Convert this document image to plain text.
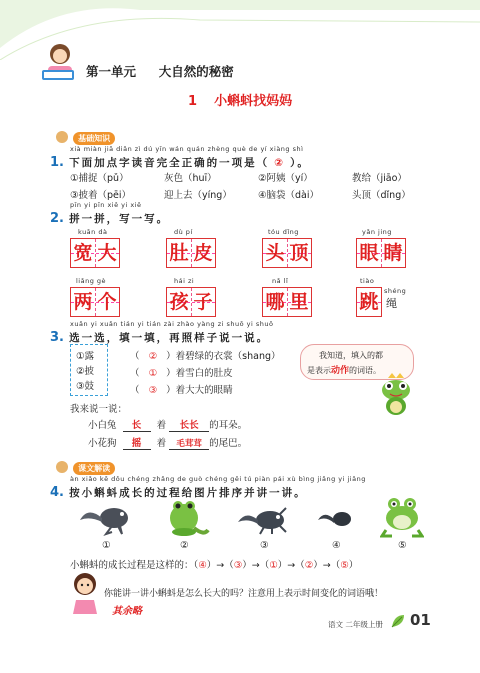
第一单元 大自然的秘密
1 小蝌蚪找妈妈
基础知识
xià miàn jiā diǎn zì dú yīn wán quán zhèng què de yí xiàng shì
1. 下面加点字读音完全正确的一项是（ ② ）。
①捕捉（pǔ）	灰色（huī）	②阿姨（yí）	教给（jiāo）
③披着（pēi）	迎上去（yíng）	④脑袋（dài）	头顶（dǐng）
pīn yi pīn xiě yi xiě
2. 拼一拼，写一写。
kuān dà
宽 大
dù pí
肚 皮
tóu dǐng
头 顶
yǎn jing
眼 睛
liǎng gè
两 个
hái zi
孩 子
nǎ lǐ
哪 里
tiào
跳 shéng
绳
xuǎn yi xuǎn tián yi tián zài zhào yàng zi shuō yi shuō
3. 选一选，填一填，再照样子说一说。
①露
②披
③鼓
（   ②   ）着碧绿的衣裳（shang）
（   ①   ）着雪白的肚皮
（   ③   ）着大大的眼睛
我知道，填入的都
是表示动作的词语。
我来说一说：
小白兔 长 着 长长 的耳朵。
小花狗 摇 着 毛茸茸 的尾巴。
课文解读
àn xiǎo kē dǒu chéng zhǎng de guò chéng gěi tú piàn pái xù bìng jiǎng yi jiǎng
4. 按小蝌蚪成长的过程给图片排序并讲一讲。
①	②	③	④	⑤
小蝌蚪的成长过程是这样的：（④）→（③）→（①）→（②）→（⑤）
你能讲一讲小蝌蚪是怎么长大的吗？注意用上表示时间变化的词语哦！
其余略
语文 二年级上册 01
